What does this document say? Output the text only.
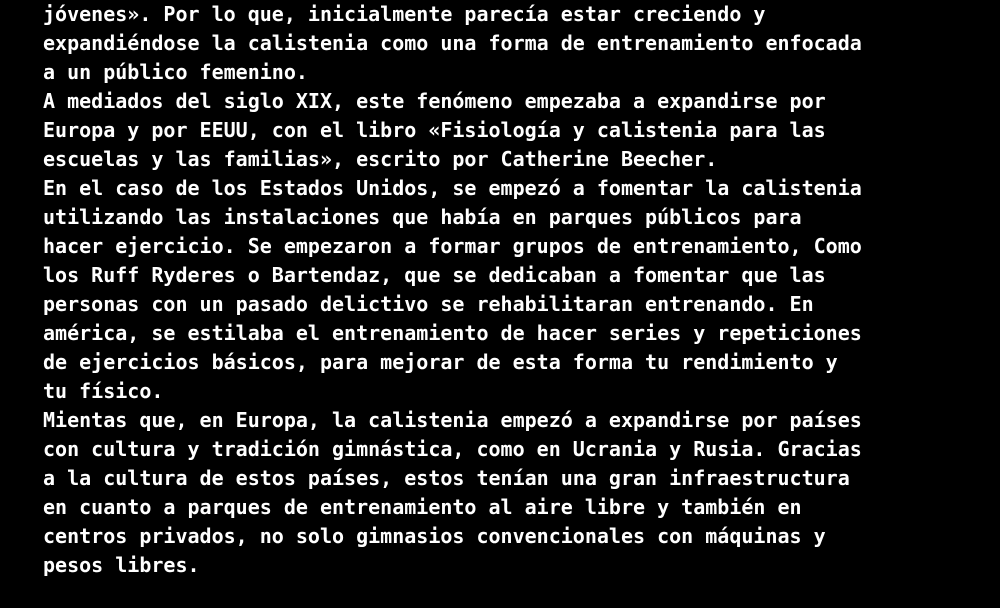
jóvenes». Por lo que, inicialmente parecía estar creciendo y
expandiéndose la calistenia como una forma de entrenamiento enfocada
a un público femenino.
A mediados del siglo XIX, este fenómeno empezaba a expandirse por
Europa y por EEUU, con el libro «Fisiología y calistenia para las
escuelas y las familias», escrito por Catherine Beecher.
En el caso de los Estados Unidos, se empezó a fomentar la calistenia
utilizando las instalaciones que había en parques públicos para
hacer ejercicio. Se empezaron a formar grupos de entrenamiento, Como
los Ruff Ryderes o Bartendaz, que se dedicaban a fomentar que las
personas con un pasado delictivo se rehabilitaran entrenando. En
américa, se estilaba el entrenamiento de hacer series y repeticiones
de ejercicios básicos, para mejorar de esta forma tu rendimiento y
tu físico.
Mientas que, en Europa, la calistenia empezó a expandirse por países
con cultura y tradición gimnástica, como en Ucrania y Rusia. Gracias
a la cultura de estos países, estos tenían una gran infraestructura
en cuanto a parques de entrenamiento al aire libre y también en
centros privados, no solo gimnasios convencionales con máquinas y
pesos libres.
